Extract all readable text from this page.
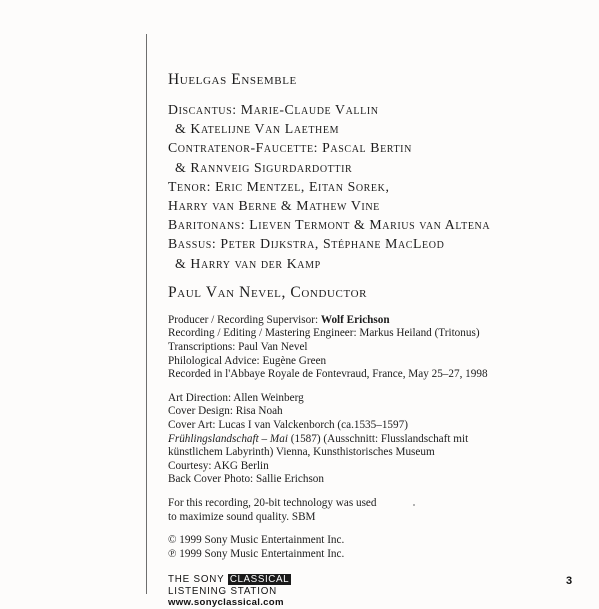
Huelgas Ensemble
Discantus: Marie-Claude Vallin
& Katelijne Van Laethem
Contratenor-Faucette: Pascal Bertin
& Rannveig Sigurdardottir
Tenor: Eric Mentzel, Eitan Sorek,
Harry van Berne & Mathew Vine
Baritonans: Lieven Termont & Marius van Altena
Bassus: Peter Dijkstra, Stéphane MacLeod
& Harry van der Kamp
Paul Van Nevel, Conductor
Producer / Recording Supervisor: Wolf Erichson
Recording / Editing / Mastering Engineer: Markus Heiland (Tritonus)
Transcriptions: Paul Van Nevel
Philological Advice: Eugène Green
Recorded in l'Abbaye Royale de Fontevraud, France, May 25–27, 1998
Art Direction: Allen Weinberg
Cover Design: Risa Noah
Cover Art: Lucas I van Valckenborch (ca.1535–1597)
Frühlingslandschaft – Mai (1587) (Ausschnitt: Flusslandschaft mit
künstlichem Labyrinth) Vienna, Kunsthistorisches Museum
Courtesy: AKG Berlin
Back Cover Photo: Sallie Erichson
For this recording, 20-bit technology was used
to maximize sound quality. SBM
© 1999 Sony Music Entertainment Inc.
℗ 1999 Sony Music Entertainment Inc.
THE SONY CLASSICAL
LISTENING STATION
www.sonyclassical.com
3
